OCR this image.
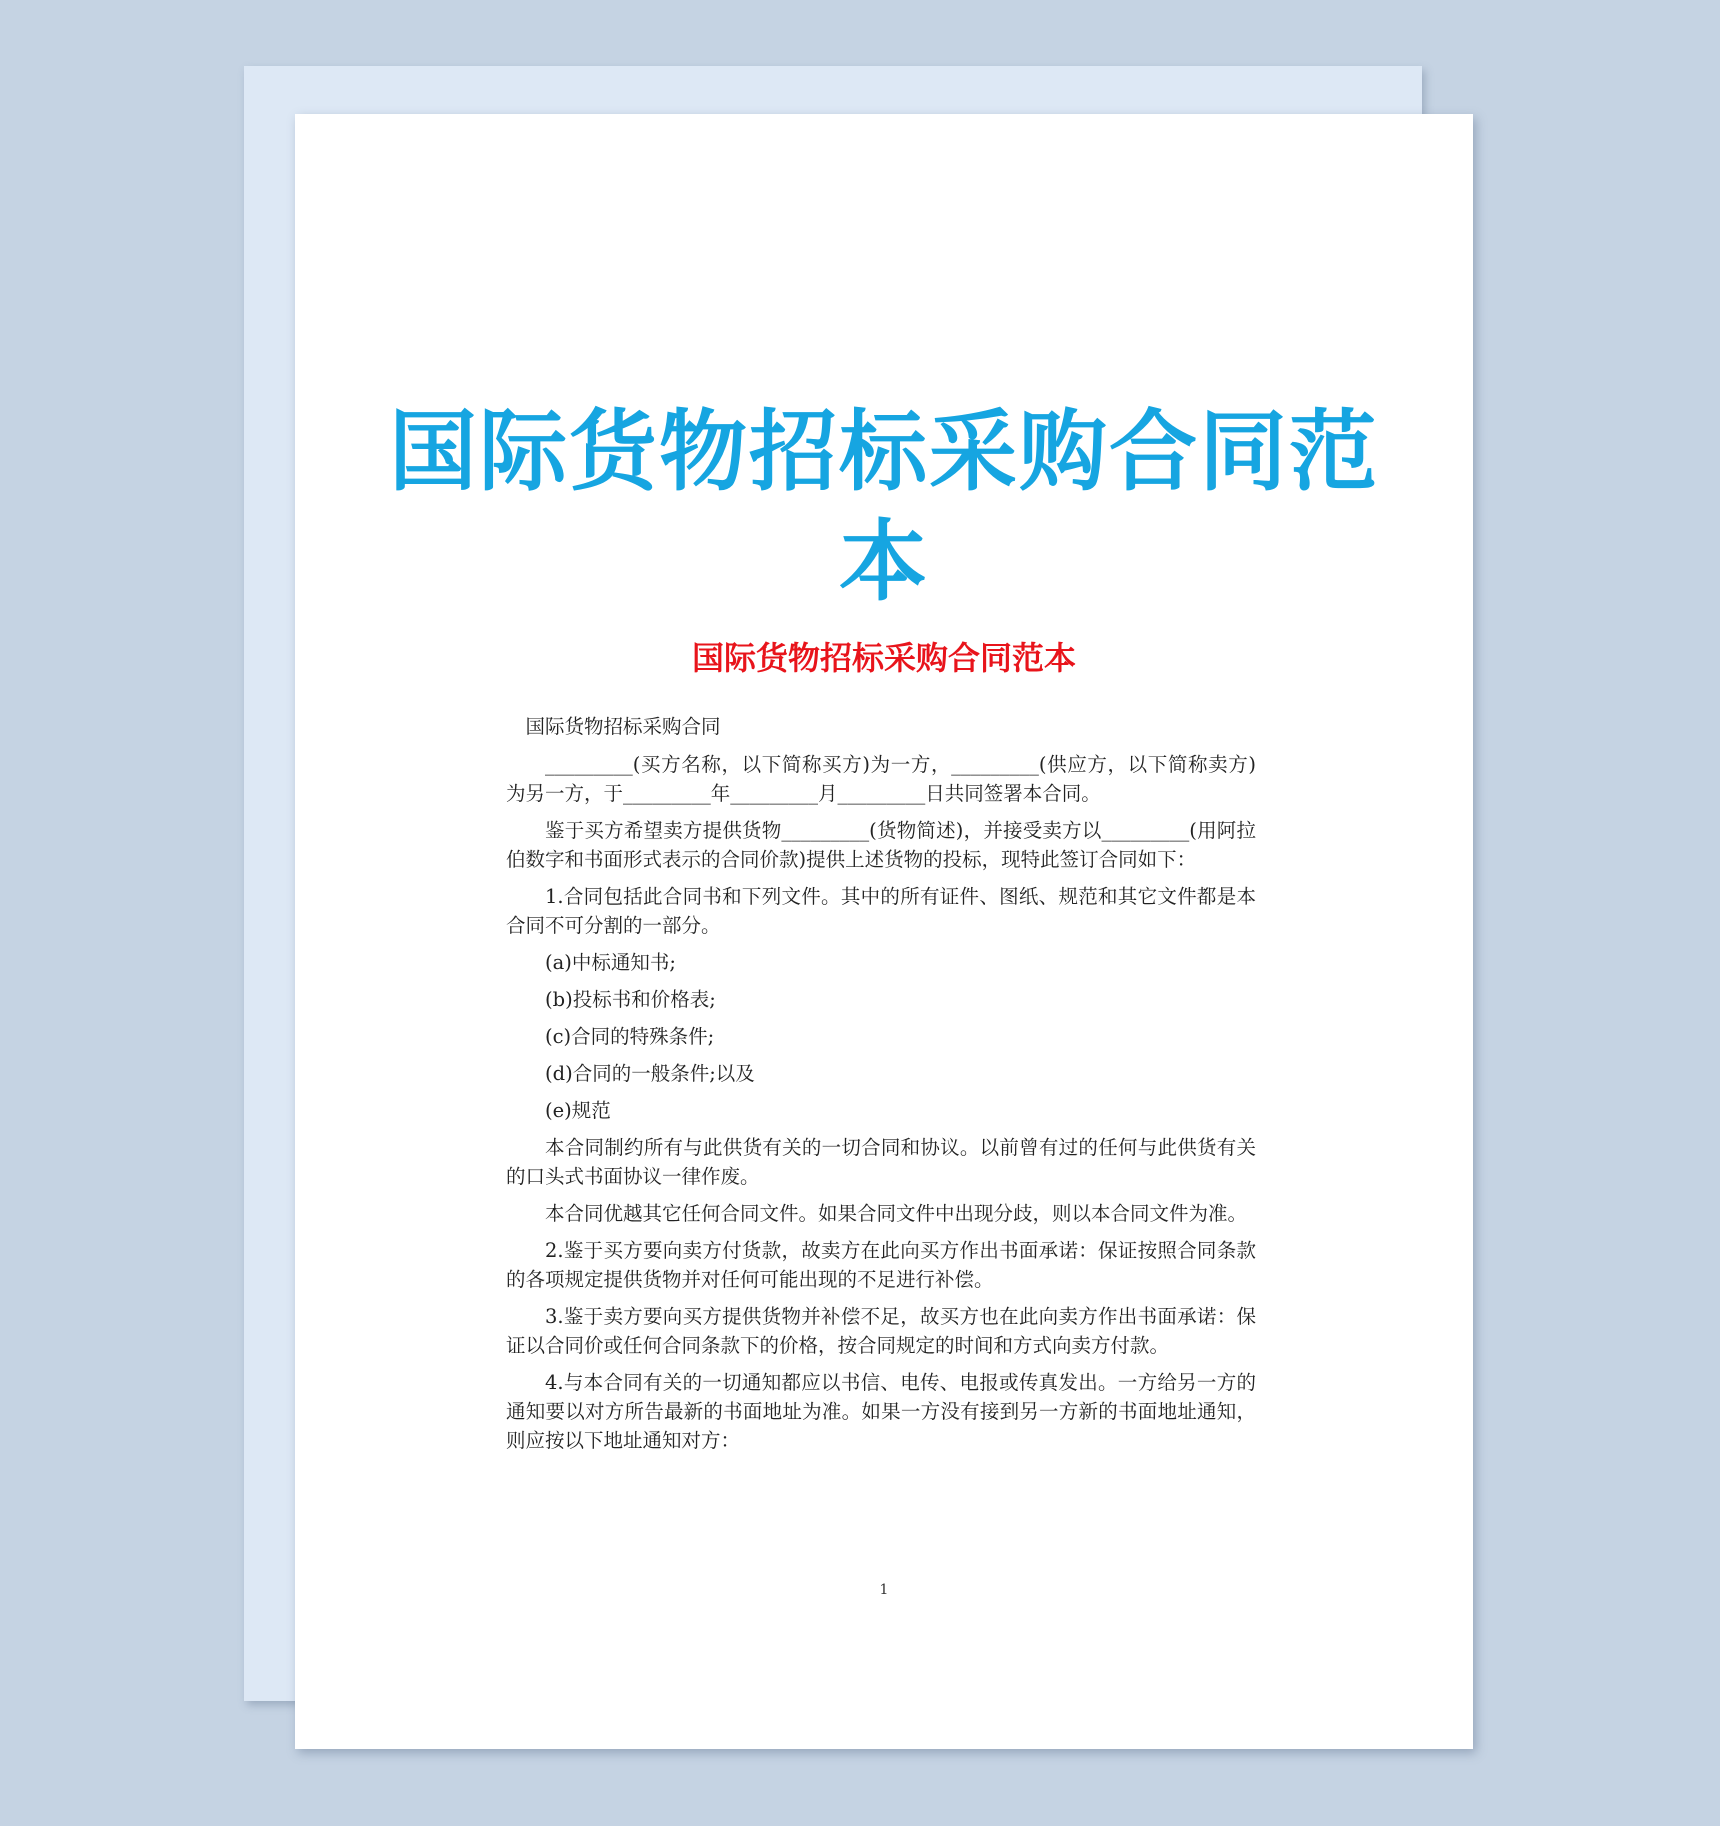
国际货物招标采购合同范本
国际货物招标采购合同范本

国际货物招标采购合同

_________(买方名称，以下简称买方)为一方，_________(供应方，以下简称卖方)为另一方，于_________年_________月_________日共同签署本合同。

鉴于买方希望卖方提供货物_________(货物简述)，并接受卖方以_________(用阿拉伯数字和书面形式表示的合同价款)提供上述货物的投标，现特此签订合同如下：

1.合同包括此合同书和下列文件。其中的所有证件、图纸、规范和其它文件都是本合同不可分割的一部分。

(a)中标通知书;

(b)投标书和价格表;

(c)合同的特殊条件;

(d)合同的一般条件;以及

(e)规范

本合同制约所有与此供货有关的一切合同和协议。以前曾有过的任何与此供货有关的口头式书面协议一律作废。

本合同优越其它任何合同文件。如果合同文件中出现分歧，则以本合同文件为准。

2.鉴于买方要向卖方付货款，故卖方在此向买方作出书面承诺：保证按照合同条款的各项规定提供货物并对任何可能出现的不足进行补偿。

3.鉴于卖方要向买方提供货物并补偿不足，故买方也在此向卖方作出书面承诺：保证以合同价或任何合同条款下的价格，按合同规定的时间和方式向卖方付款。

4.与本合同有关的一切通知都应以书信、电传、电报或传真发出。一方给另一方的通知要以对方所告最新的书面地址为准。如果一方没有接到另一方新的书面地址通知，则应按以下地址通知对方：

1
